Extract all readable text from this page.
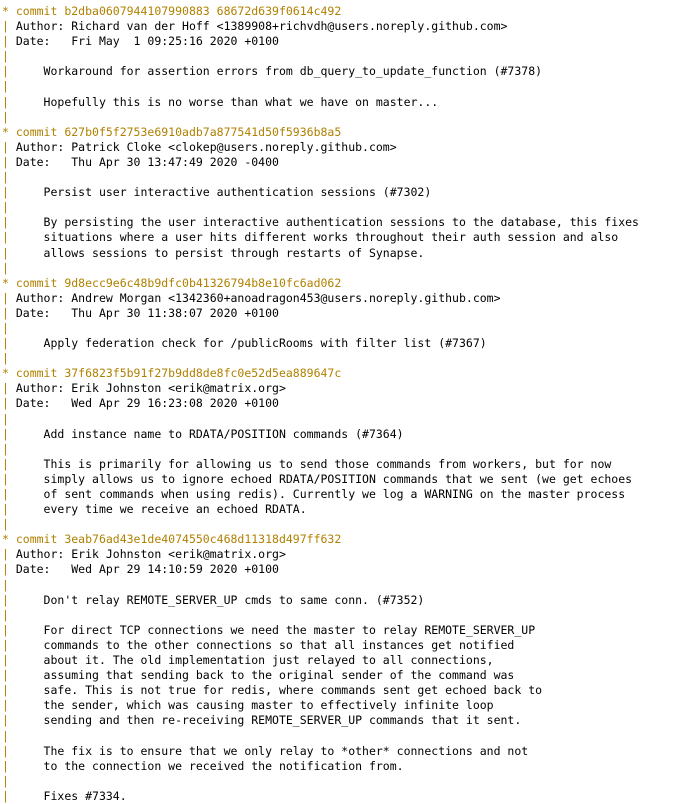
* commit b2dba0607944107990883 68672d639f0614c492
| Author: Richard van der Hoff <1389908+richvdh@users.noreply.github.com>
| Date:   Fri May  1 09:25:16 2020 +0100
|
|     Workaround for assertion errors from db_query_to_update_function (#7378)
|
|     Hopefully this is no worse than what we have on master...
|
* commit 627b0f5f2753e6910adb7a877541d50f5936b8a5
| Author: Patrick Cloke <clokep@users.noreply.github.com>
| Date:   Thu Apr 30 13:47:49 2020 -0400
|
|     Persist user interactive authentication sessions (#7302)
|
|     By persisting the user interactive authentication sessions to the database, this fixes
|     situations where a user hits different works throughout their auth session and also
|     allows sessions to persist through restarts of Synapse.
|
* commit 9d8ecc9e6c48b9dfc0b41326794b8e10fc6ad062
| Author: Andrew Morgan <1342360+anoadragon453@users.noreply.github.com>
| Date:   Thu Apr 30 11:38:07 2020 +0100
|
|     Apply federation check for /publicRooms with filter list (#7367)
|
* commit 37f6823f5b91f27b9dd8de8fc0e52d5ea889647c
| Author: Erik Johnston <erik@matrix.org>
| Date:   Wed Apr 29 16:23:08 2020 +0100
|
|     Add instance name to RDATA/POSITION commands (#7364)
|
|     This is primarily for allowing us to send those commands from workers, but for now
|     simply allows us to ignore echoed RDATA/POSITION commands that we sent (we get echoes
|     of sent commands when using redis). Currently we log a WARNING on the master process
|     every time we receive an echoed RDATA.
|
* commit 3eab76ad43e1de4074550c468d11318d497ff632
| Author: Erik Johnston <erik@matrix.org>
| Date:   Wed Apr 29 14:10:59 2020 +0100
|
|     Don't relay REMOTE_SERVER_UP cmds to same conn. (#7352)
|
|     For direct TCP connections we need the master to relay REMOTE_SERVER_UP
|     commands to the other connections so that all instances get notified
|     about it. The old implementation just relayed to all connections,
|     assuming that sending back to the original sender of the command was
|     safe. This is not true for redis, where commands sent get echoed back to
|     the sender, which was causing master to effectively infinite loop
|     sending and then re-receiving REMOTE_SERVER_UP commands that it sent.
|
|     The fix is to ensure that we only relay to *other* connections and not
|     to the connection we received the notification from.
|
|     Fixes #7334.
